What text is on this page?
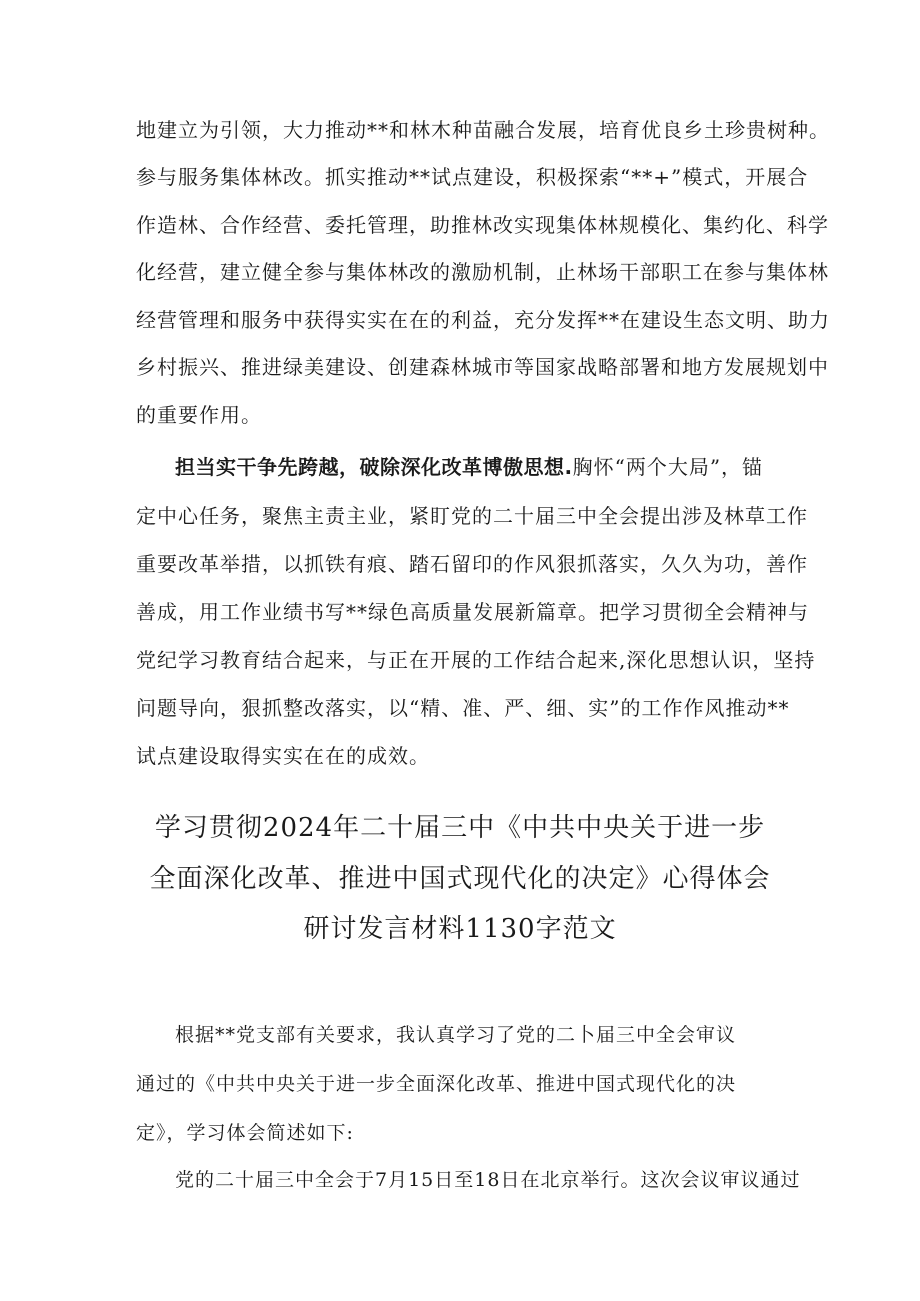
地建立为引领，大力推动**和林木种苗融合发展，培育优良乡土珍贵树种。
参与服务集体林改。抓实推动**试点建设，积极探索“**+”模式，开展合
作造林、合作经营、委托管理，助推林改实现集体林规模化、集约化、科学
化经营，建立健全参与集体林改的激励机制，止林场干部职工在参与集体林
经营管理和服务中获得实实在在的利益，充分发挥**在建设生态文明、助力
乡村振兴、推进绿美建设、创建森林城市等国家战略部署和地方发展规划中
的重要作用。
担当实干争先跨越，破除深化改革博傲思想.胸怀“两个大局”，锚
定中心任务，聚焦主责主业，紧盯党的二十届三中全会提出涉及林草工作
重要改革举措，以抓铁有痕、踏石留印的作风狠抓落实，久久为功，善作
善成，用工作业绩书写**绿色高质量发展新篇章。把学习贯彻全会精神与
党纪学习教育结合起来，与正在开展的工作结合起来,深化思想认识，坚持
问题导向，狠抓整改落实，以“精、准、严、细、实”的工作作风推动**
试点建设取得实实在在的成效。
学习贯彻2024年二十届三中《中共中央关于进一步
全面深化改革、推进中国式现代化的决定》心得体会
研讨发言材料1130字范文
根据**党支部有关要求，我认真学习了党的二卜届三中全会审议
通过的《中共中央关于进一步全面深化改革、推进中国式现代化的决
定》，学习体会简述如下:
党的二十届三中全会于7月15日至18日在北京举行。这次会议审议通过
